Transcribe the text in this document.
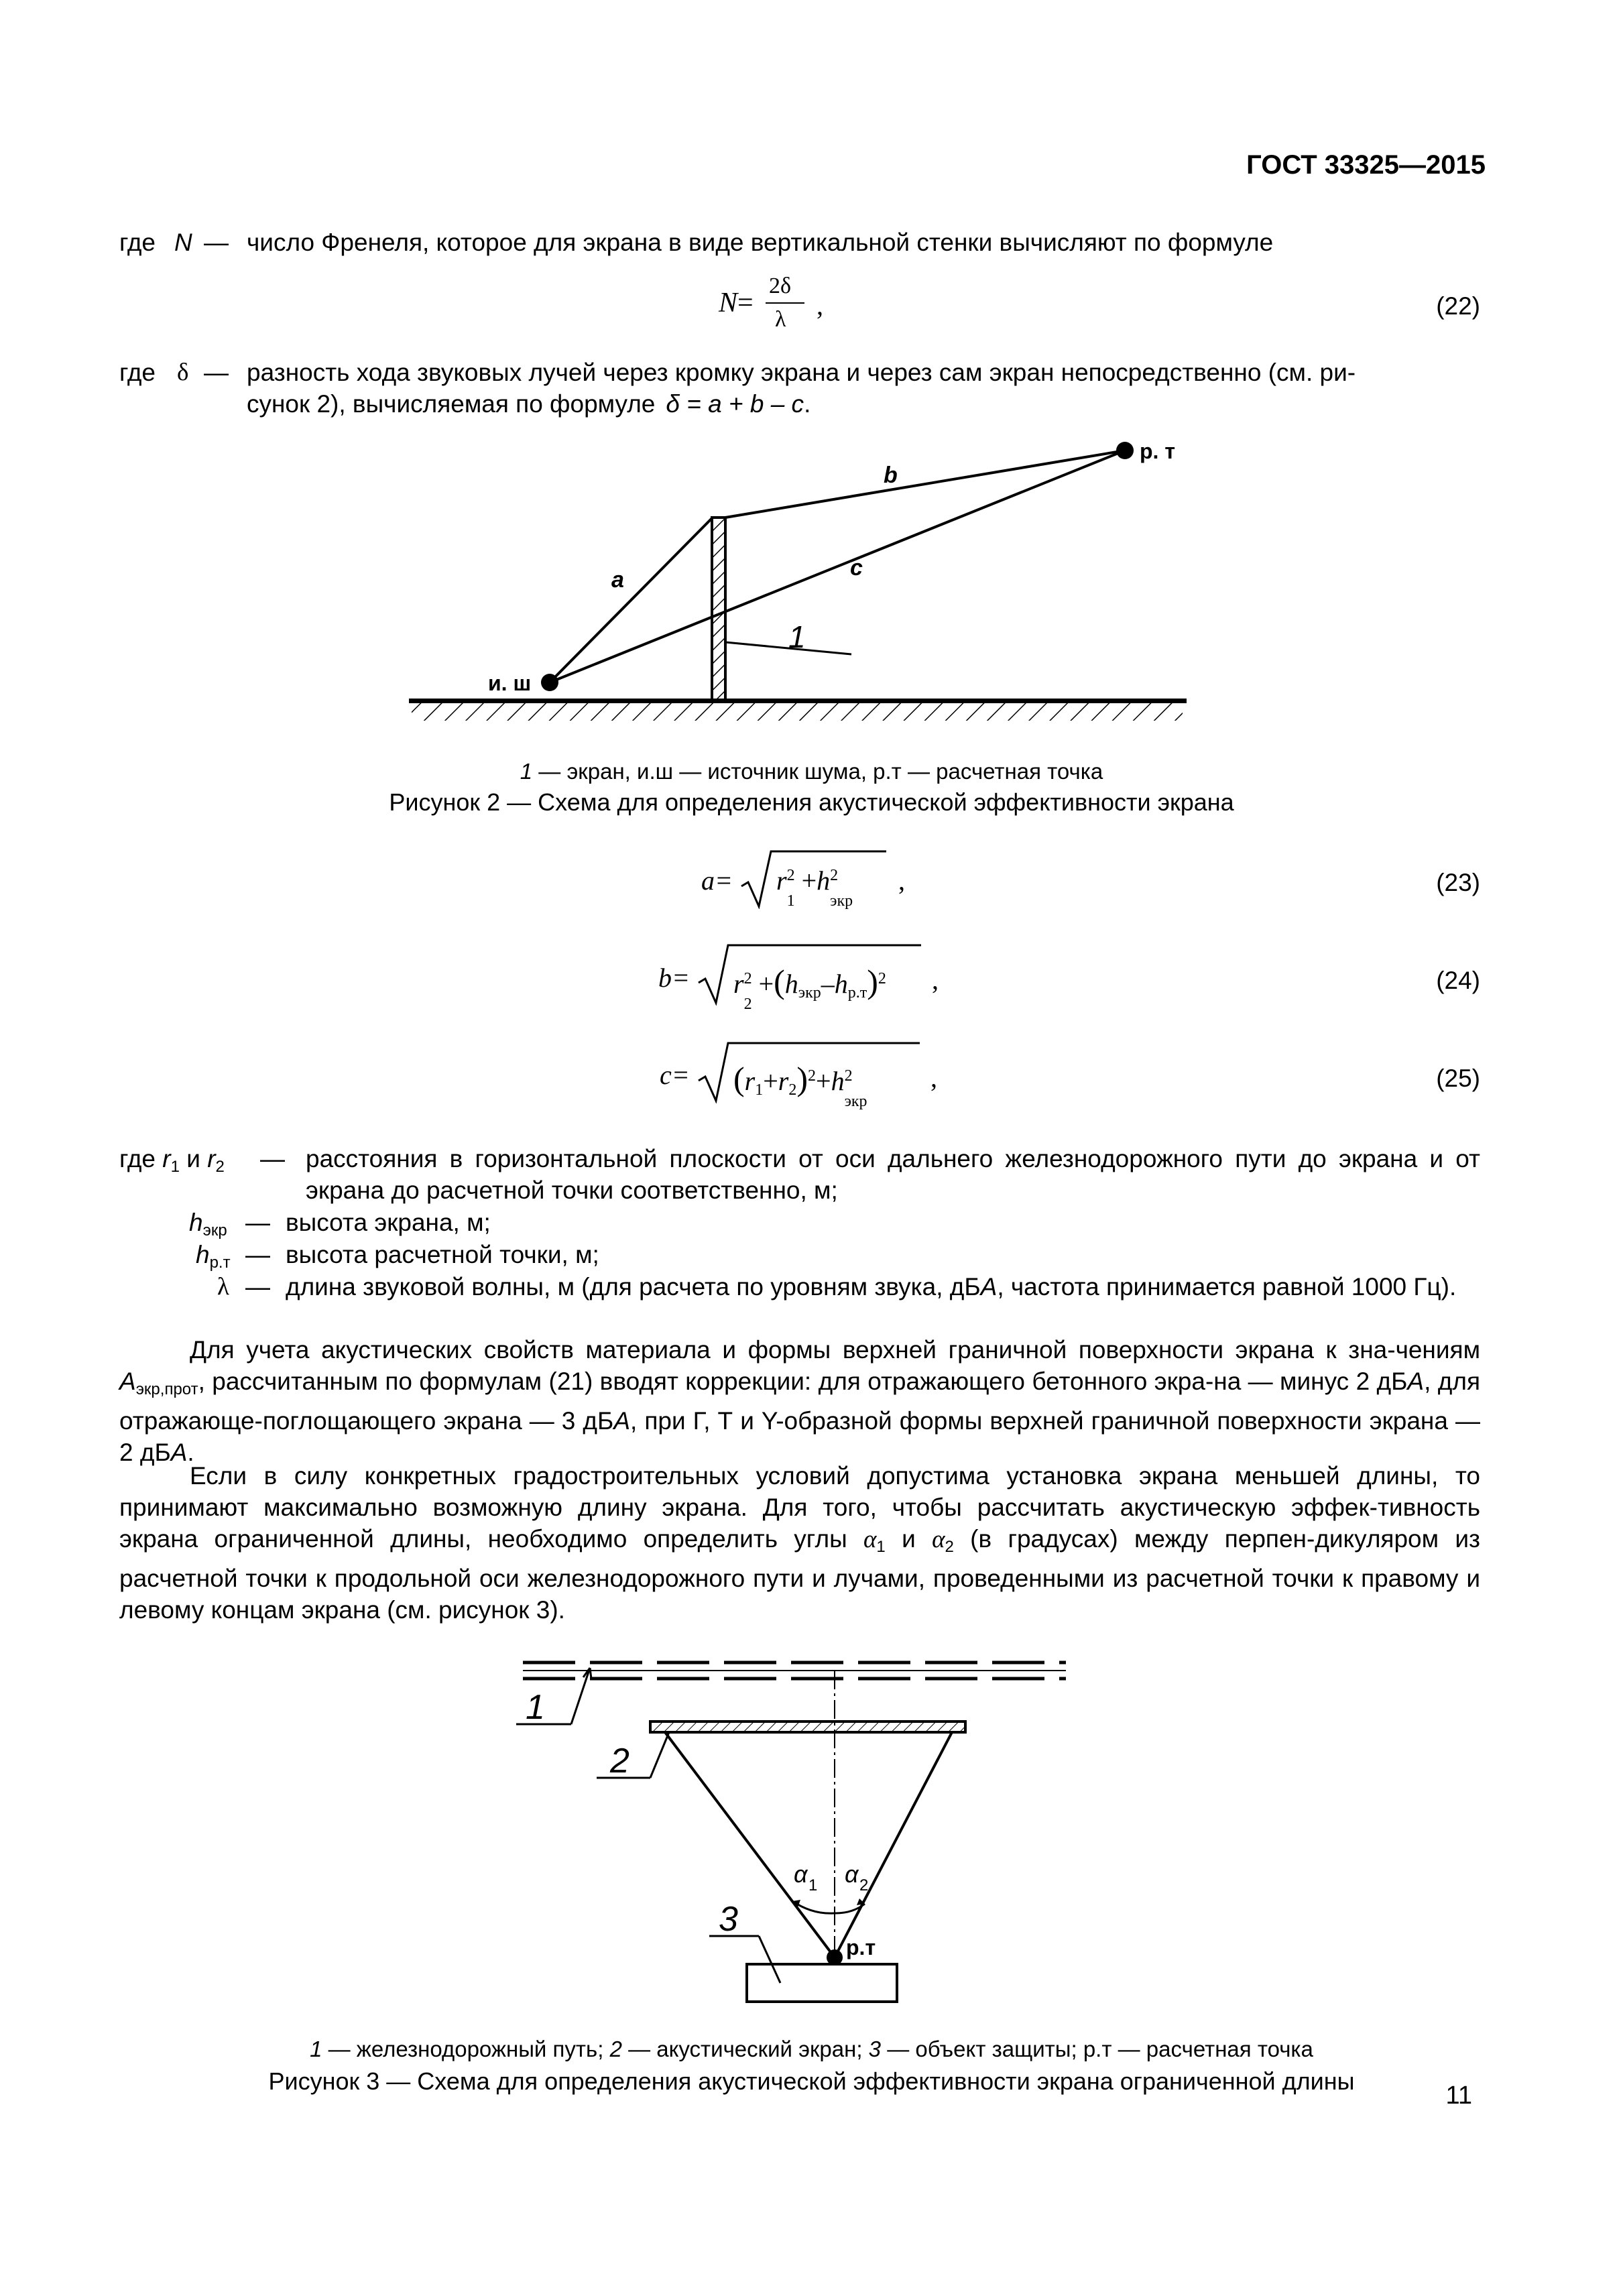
ГОСТ 33325—2015
где N — число Френеля, которое для экрана в виде вертикальной стенки вычисляют по формуле
N=
2δ
λ ,	(22)
где δ — разность хода звуковых лучей через кромку экрана и через сам экран непосредственно (см. ри-
сунок 2), вычисляемая по формуле δ = a + b – c.
b
c
a
1
и. ш
р. т
1 — экран, и.ш — источник шума, р.т — расчетная точка
Рисунок 2 — Схема для определения акустической эффективности экрана
a= r 2
1
+h 2
экр
,	(23)
b= r 2
2
$+(h_{экр}-h_{р.т})^2$ ,	(24)
$c= (r_1+r_2)^2+h$ 2
экр
,	(25)
где $r_1$ и $r_2$ — расстояния в горизонтальной плоскости от оси дальнего железнодорожного пути до экрана и от экрана до расчетной точки соответственно, м;
$h_{экр}$ — высота экрана, м;
$h_{р.т}$ — высота расчетной точки, м;
λ — длина звуковой волны, м (для расчета по уровням звука, дБА, частота принимается равной 1000 Гц).
Для учета акустических свойств материала и формы верхней граничной поверхности экрана к зна-чениям $А_{экр,прот}$, рассчитанным по формулам (21) вводят коррекции: для отражающего бетонного экра-на — минус 2 дБА, для отражающе-поглощающего экрана — 3 дБА, при Г, Т и Y-образной формы верхней граничной поверхности экрана — 2 дБА.
Если в силу конкретных градостроительных условий допустима установка экрана меньшей длины, то принимают максимально возможную длину экрана. Для того, чтобы рассчитать акустическую эффек-тивность экрана ограниченной длины, необходимо определить углы $\alpha_1$ и $\alpha_2$ (в градусах) между перпен-дикуляром из расчетной точки к продольной оси железнодорожного пути и лучами, проведенными из расчетной точки к правому и левому концам экрана (см. рисунок 3).
1
2
3
α 1 α 2
р.т
1 — железнодорожный путь; 2 — акустический экран; 3 — объект защиты; р.т — расчетная точка
Рисунок 3 — Схема для определения акустической эффективности экрана ограниченной длины
11
